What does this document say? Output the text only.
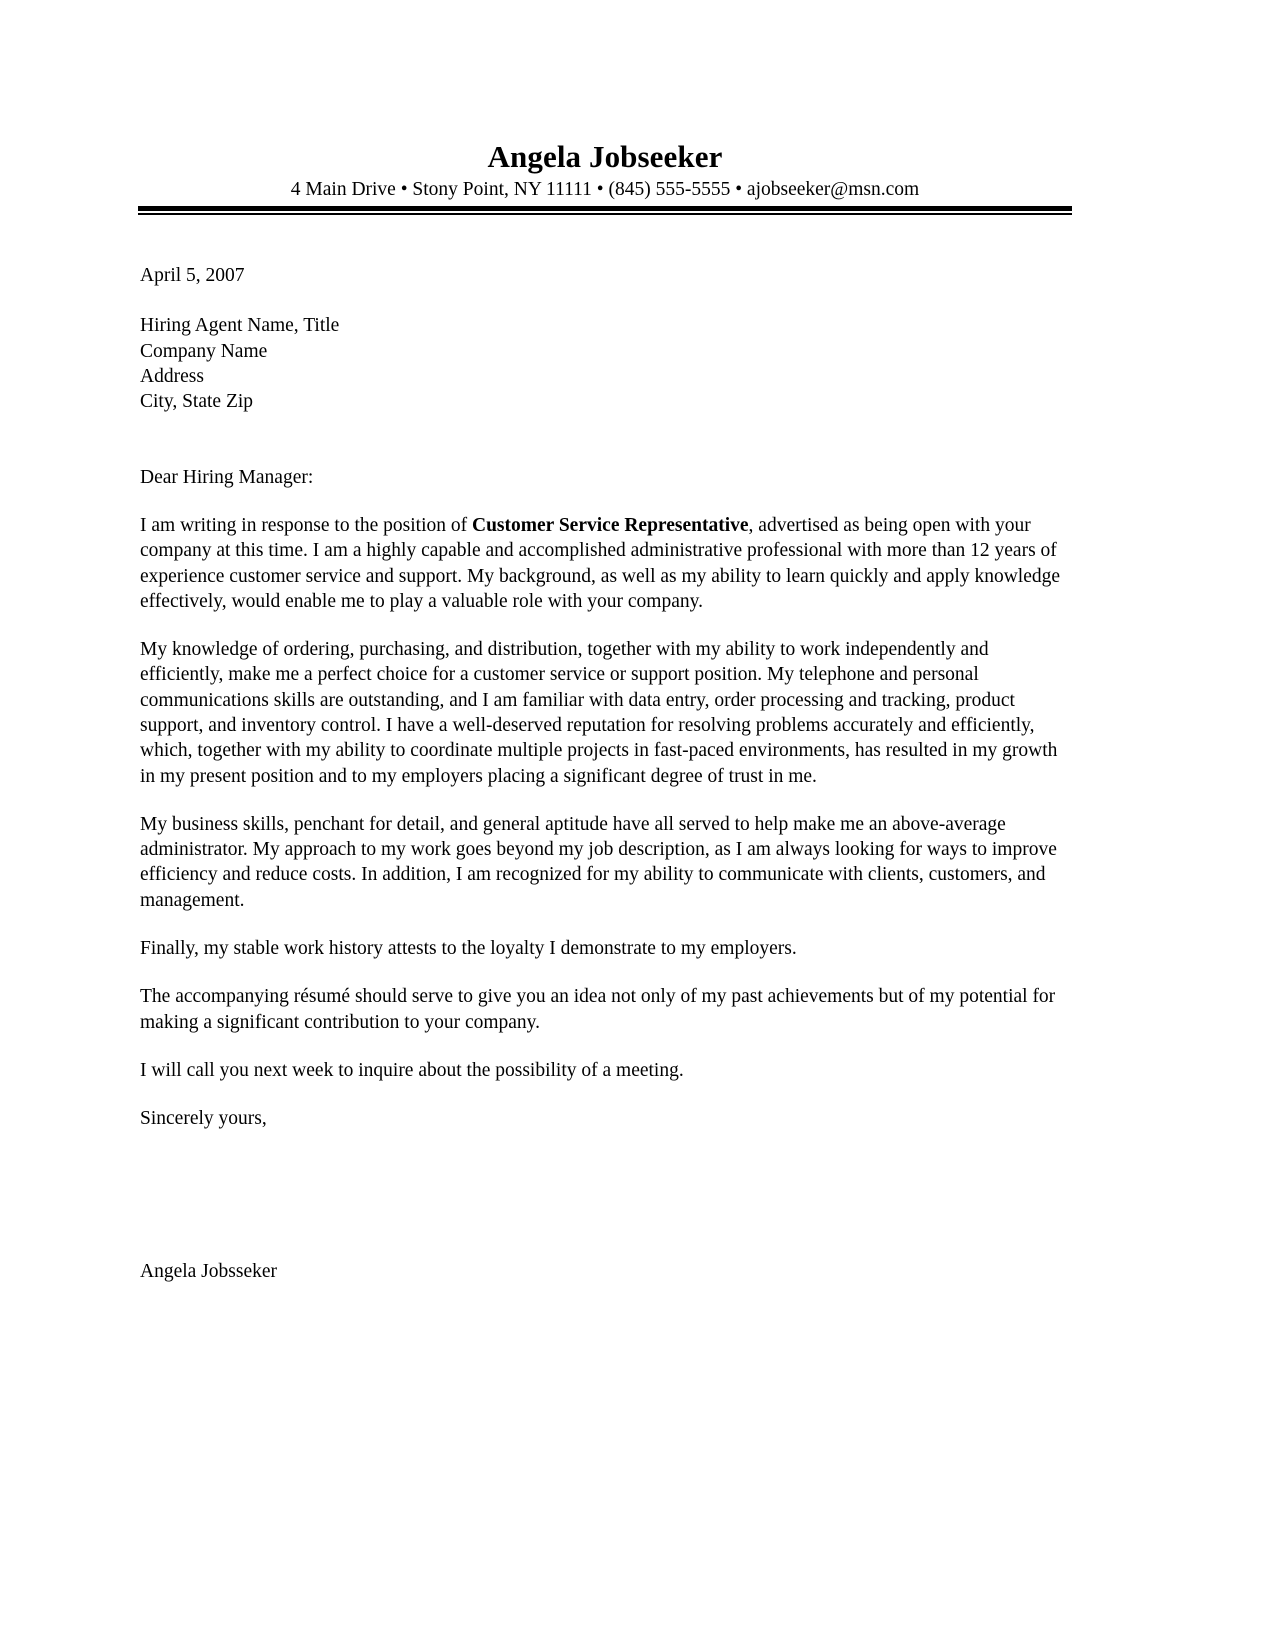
Angela Jobseeker
4 Main Drive • Stony Point, NY 11111 • (845) 555-5555 • ajobseeker@msn.com
April 5, 2007
Hiring Agent Name, Title
Company Name
Address
City, State Zip
Dear Hiring Manager:

I am writing in response to the position of Customer Service Representative, advertised as being open with your company at this time. I am a highly capable and accomplished administrative professional with more than 12 years of experience customer service and support. My background, as well as my ability to learn quickly and apply knowledge effectively, would enable me to play a valuable role with your company.

My knowledge of ordering, purchasing, and distribution, together with my ability to work independently and efficiently, make me a perfect choice for a customer service or support position. My telephone and personal communications skills are outstanding, and I am familiar with data entry, order processing and tracking, product support, and inventory control. I have a well-deserved reputation for resolving problems accurately and efficiently, which, together with my ability to coordinate multiple projects in fast-paced environments, has resulted in my growth in my present position and to my employers placing a significant degree of trust in me.

My business skills, penchant for detail, and general aptitude have all served to help make me an above-average administrator. My approach to my work goes beyond my job description, as I am always looking for ways to improve efficiency and reduce costs. In addition, I am recognized for my ability to communicate with clients, customers, and management.

Finally, my stable work history attests to the loyalty I demonstrate to my employers.

The accompanying résumé should serve to give you an idea not only of my past achievements but of my potential for making a significant contribution to your company.

I will call you next week to inquire about the possibility of a meeting.

Sincerely yours,
Angela Jobsseker
